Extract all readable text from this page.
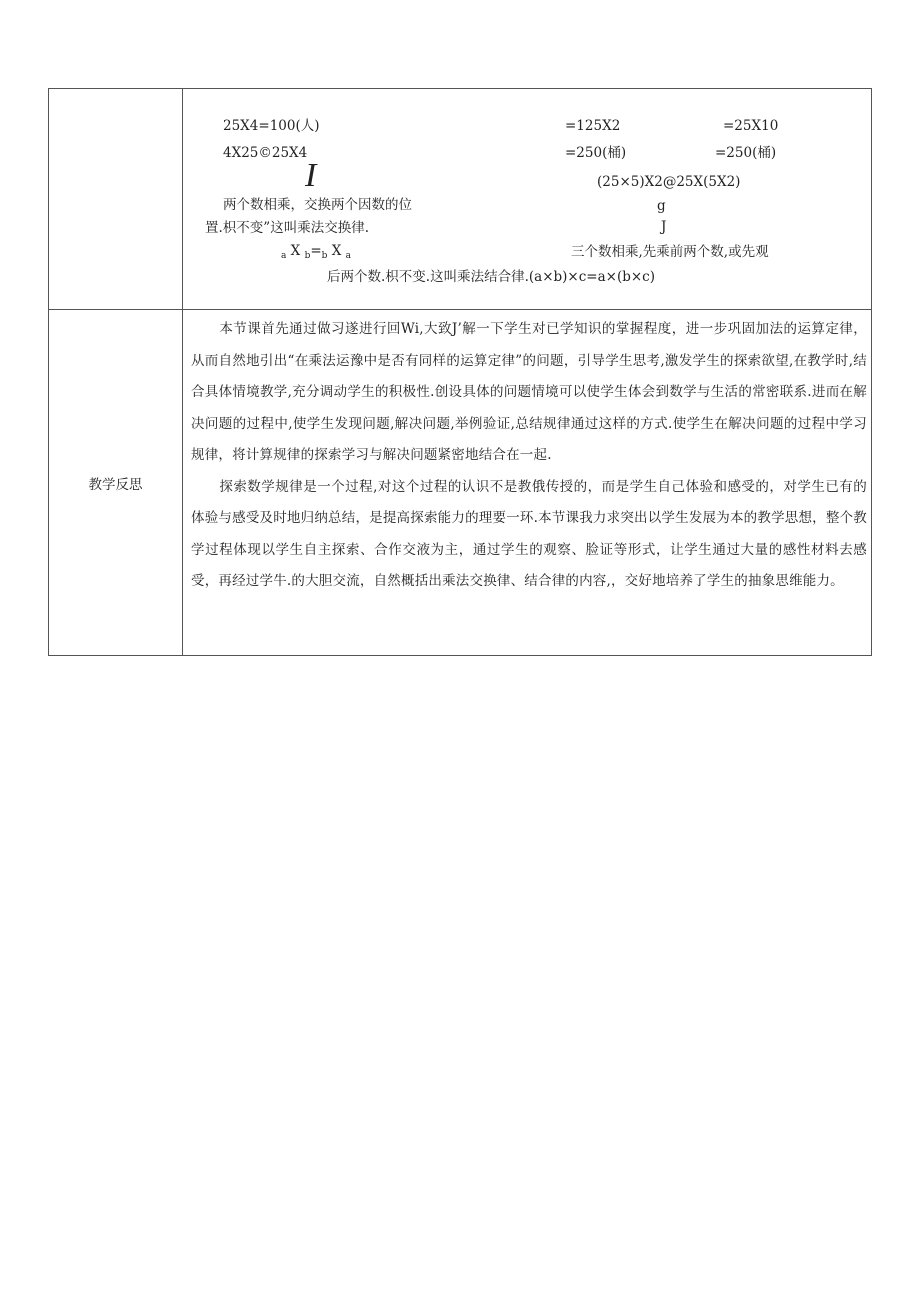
25X4=100(人)
4X25©25X4
I
两个数相乘，交换两个因数的位
置.枳不变”这叫乘法交换律.
$_a$ X $_b=_b$ X $_a$
=125X2	=25X10
=250(桶)	=250(桶)
(25×5)X2@25X(5X2)
g
J
三个数相乘,先乘前两个数,或先观
后两个数.枳不变.这叫乘法结合律.(a×b)×c=a×(b×c)
教学反思

本节课首先通过做习遂进行回Wi,大致J’解一下学生对已学知识的掌握程度，进一步巩固加法的运算定律，从而自然地引出“在乘法运豫中是否有同样的运算定律”的问题，引导学生思考,激发学生的探索欲望,在教学时,结合具体情境教学,充分调动学生的积极性.创设具体的问题情境可以使学生体会到数学与生活的常密联系.进而在解决问题的过程中,使学生发现问题,解决问题,举例验证,总结规律通过这样的方式.使学生在解决问题的过程中学习规律，将计算规律的探索学习与解决问题紧密地结合在一起.

探索数学规律是一个过程,对这个过程的认识不是教俄传授的，而是学生自己体验和感受的，对学生已有的体验与感受及时地归纳总结，是提高探索能力的理要一环.本节课我力求突出以学生发展为本的教学思想，整个教学过程体现以学生自主探索、合作交液为主，通过学生的观察、脸证等形式，让学生通过大量的感性材料去感受，再经过学牛.的大胆交流，自然概括出乘法交换律、结合律的内容,，交好地培养了学生的抽象思维能力。
